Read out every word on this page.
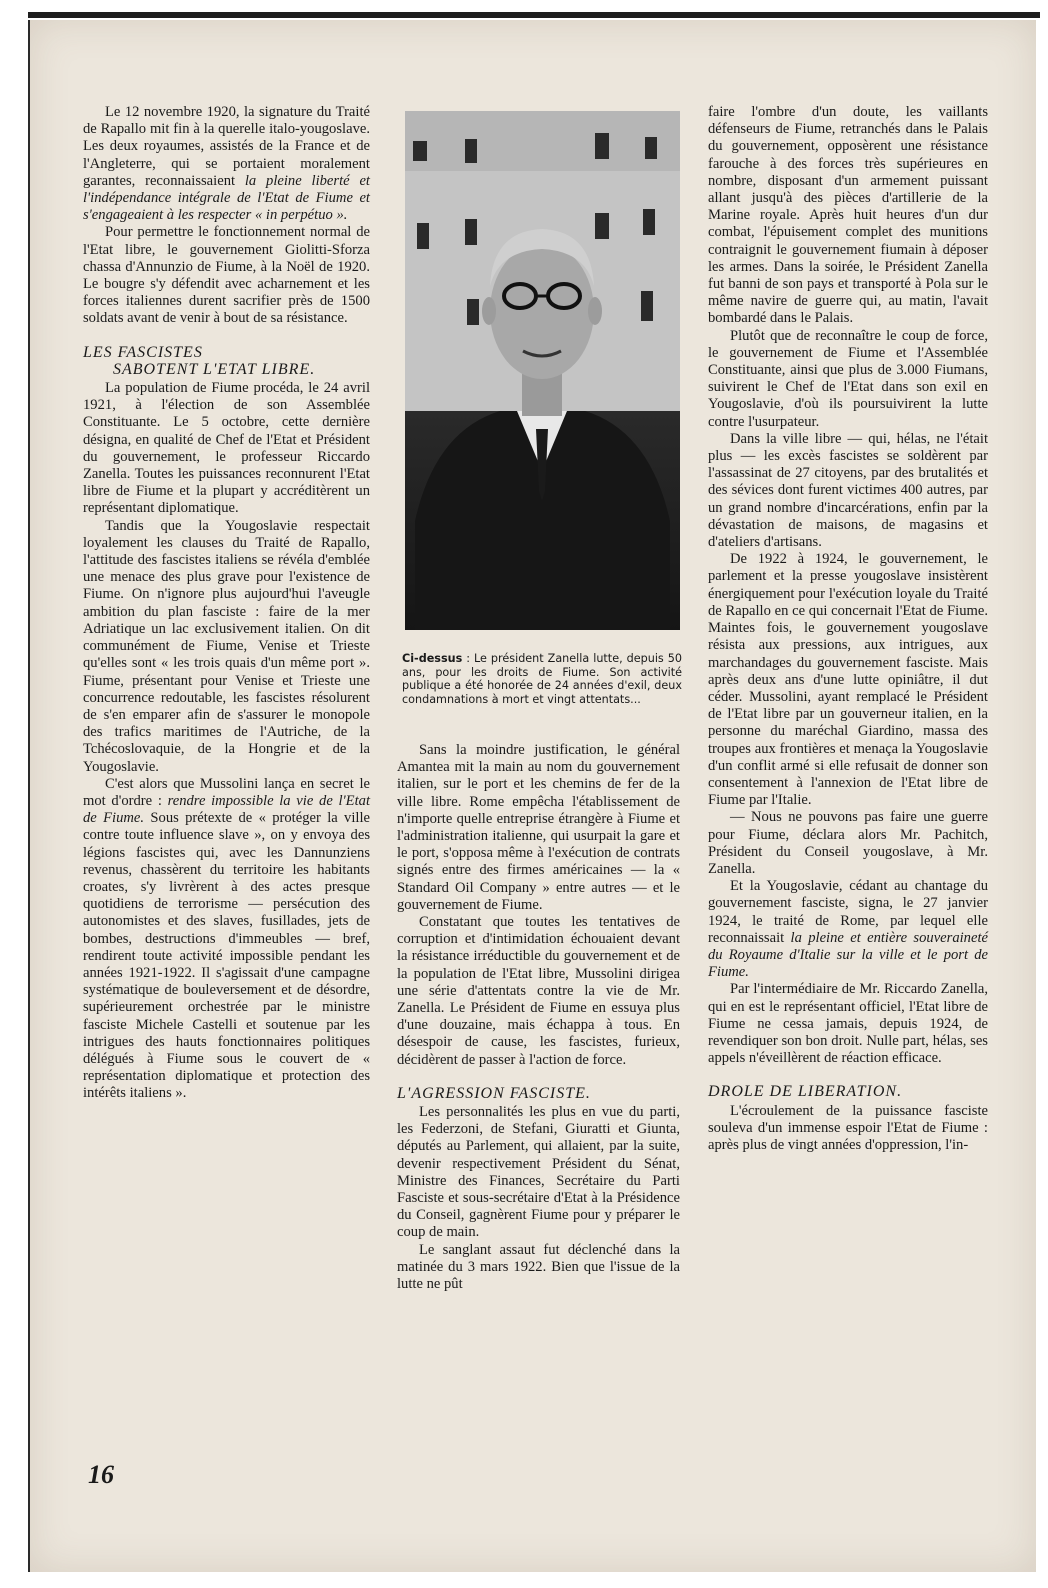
Le 12 novembre 1920, la signature du Traité de Rapallo mit fin à la querelle italo-yougoslave. Les deux royaumes, assistés de la France et de l'Angleterre, qui se portaient moralement garantes, reconnaissaient la pleine liberté et l'indépendance intégrale de l'Etat de Fiume et s'engageaient à les respecter « in perpétuo ».

Pour permettre le fonctionnement normal de l'Etat libre, le gouvernement Giolitti-Sforza chassa d'Annunzio de Fiume, à la Noël de 1920. Le bougre s'y défendit avec acharnement et les forces italiennes durent sacrifier près de 1500 soldats avant de venir à bout de sa résistance.

LES FASCISTES
SABOTENT L'ETAT LIBRE.

La population de Fiume procéda, le 24 avril 1921, à l'élection de son Assemblée Constituante. Le 5 octobre, cette dernière désigna, en qualité de Chef de l'Etat et Président du gouvernement, le professeur Riccardo Zanella. Toutes les puissances reconnurent l'Etat libre de Fiume et la plupart y accréditèrent un représentant diplomatique.

Tandis que la Yougoslavie respectait loyalement les clauses du Traité de Rapallo, l'attitude des fascistes italiens se révéla d'emblée une menace des plus grave pour l'existence de Fiume. On n'ignore plus aujourd'hui l'aveugle ambition du plan fasciste : faire de la mer Adriatique un lac exclusivement italien. On dit communément de Fiume, Venise et Trieste qu'elles sont « les trois quais d'un même port ». Fiume, présentant pour Venise et Trieste une concurrence redoutable, les fascistes résolurent de s'en emparer afin de s'assurer le monopole des trafics maritimes de l'Autriche, de la Tchécoslovaquie, de la Hongrie et de la Yougoslavie.

C'est alors que Mussolini lança en secret le mot d'ordre : rendre impossible la vie de l'Etat de Fiume. Sous prétexte de « protéger la ville contre toute influence slave », on y envoya des légions fascistes qui, avec les Dannunziens revenus, chassèrent du territoire les habitants croates, s'y livrèrent à des actes presque quotidiens de terrorisme — persécution des autonomistes et des slaves, fusillades, jets de bombes, destructions d'immeubles — bref, rendirent toute activité impossible pendant les années 1921-1922. Il s'agissait d'une campagne systématique de bouleversement et de désordre, supérieurement orchestrée par le ministre fasciste Michele Castelli et soutenue par les intrigues des hauts fonctionnaires politiques délégués à Fiume sous le couvert de « représentation diplomatique et protection des intérêts italiens ».

Ci-dessus : Le président Zanella lutte, depuis 50 ans, pour les droits de Fiume. Son activité publique a été honorée de 24 années d'exil, deux condamnations à mort et vingt attentats...

Sans la moindre justification, le général Amantea mit la main au nom du gouvernement italien, sur le port et les chemins de fer de la ville libre. Rome empêcha l'établissement de n'importe quelle entreprise étrangère à Fiume et l'administration italienne, qui usurpait la gare et le port, s'opposa même à l'exécution de contrats signés entre des firmes américaines — la « Standard Oil Company » entre autres — et le gouvernement de Fiume.

Constatant que toutes les tentatives de corruption et d'intimidation échouaient devant la résistance irréductible du gouvernement et de la population de l'Etat libre, Mussolini dirigea une série d'attentats contre la vie de Mr. Zanella. Le Président de Fiume en essuya plus d'une douzaine, mais échappa à tous. En désespoir de cause, les fascistes, furieux, décidèrent de passer à l'action de force.

L'AGRESSION FASCISTE.

Les personnalités les plus en vue du parti, les Federzoni, de Stefani, Giuratti et Giunta, députés au Parlement, qui allaient, par la suite, devenir respectivement Président du Sénat, Ministre des Finances, Secrétaire du Parti Fasciste et sous-secrétaire d'Etat à la Présidence du Conseil, gagnèrent Fiume pour y préparer le coup de main.

Le sanglant assaut fut déclenché dans la matinée du 3 mars 1922. Bien que l'issue de la lutte ne pût

faire l'ombre d'un doute, les vaillants défenseurs de Fiume, retranchés dans le Palais du gouvernement, opposèrent une résistance farouche à des forces très supérieures en nombre, disposant d'un armement puissant allant jusqu'à des pièces d'artillerie de la Marine royale. Après huit heures d'un dur combat, l'épuisement complet des munitions contraignit le gouvernement fiumain à déposer les armes. Dans la soirée, le Président Zanella fut banni de son pays et transporté à Pola sur le même navire de guerre qui, au matin, l'avait bombardé dans le Palais.

Plutôt que de reconnaître le coup de force, le gouvernement de Fiume et l'Assemblée Constituante, ainsi que plus de 3.000 Fiumans, suivirent le Chef de l'Etat dans son exil en Yougoslavie, d'où ils poursuivirent la lutte contre l'usurpateur.

Dans la ville libre — qui, hélas, ne l'était plus — les excès fascistes se soldèrent par l'assassinat de 27 citoyens, par des brutalités et des sévices dont furent victimes 400 autres, par un grand nombre d'incarcérations, enfin par la dévastation de maisons, de magasins et d'ateliers d'artisans.

De 1922 à 1924, le gouvernement, le parlement et la presse yougoslave insistèrent énergiquement pour l'exécution loyale du Traité de Rapallo en ce qui concernait l'Etat de Fiume. Maintes fois, le gouvernement yougoslave résista aux pressions, aux intrigues, aux marchandages du gouvernement fasciste. Mais après deux ans d'une lutte opiniâtre, il dut céder. Mussolini, ayant remplacé le Président de l'Etat libre par un gouverneur italien, en la personne du maréchal Giardino, massa des troupes aux frontières et menaça la Yougoslavie d'un conflit armé si elle refusait de donner son consentement à l'annexion de l'Etat libre de Fiume par l'Italie.

— Nous ne pouvons pas faire une guerre pour Fiume, déclara alors Mr. Pachitch, Président du Conseil yougoslave, à Mr. Zanella.

Et la Yougoslavie, cédant au chantage du gouvernement fasciste, signa, le 27 janvier 1924, le traité de Rome, par lequel elle reconnaissait la pleine et entière souveraineté du Royaume d'Italie sur la ville et le port de Fiume.

Par l'intermédiaire de Mr. Riccardo Zanella, qui en est le représentant officiel, l'Etat libre de Fiume ne cessa jamais, depuis 1924, de revendiquer son bon droit. Nulle part, hélas, ses appels n'éveillèrent de réaction efficace.

DROLE DE LIBERATION.

L'écroulement de la puissance fasciste souleva d'un immense espoir l'Etat de Fiume : après plus de vingt années d'oppression, l'in-

16
